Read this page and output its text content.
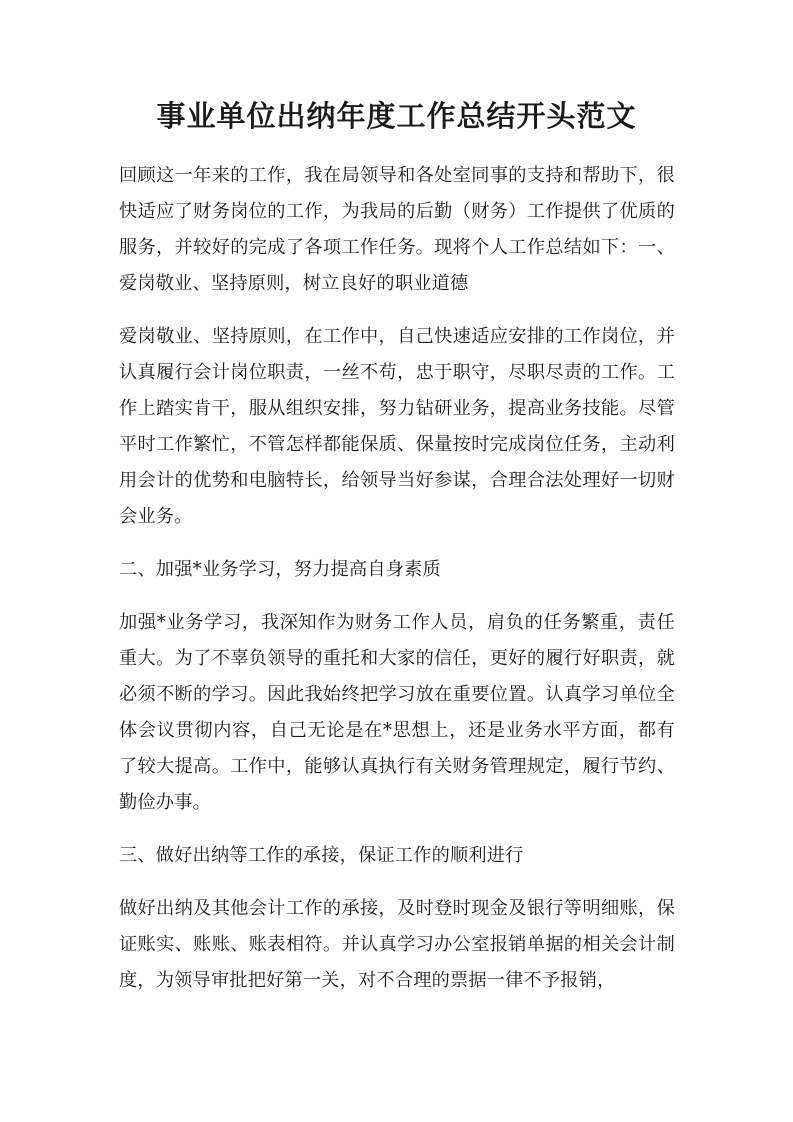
事业单位出纳年度工作总结开头范文

回顾这一年来的工作，我在局领导和各处室同事的支持和帮助下，很快适应了财务岗位的工作，为我局的后勤（财务）工作提供了优质的服务，并较好的完成了各项工作任务。现将个人工作总结如下：一、爱岗敬业、坚持原则，树立良好的职业道德

爱岗敬业、坚持原则，在工作中，自己快速适应安排的工作岗位，并认真履行会计岗位职责，一丝不苟，忠于职守，尽职尽责的工作。工作上踏实肯干，服从组织安排，努力钻研业务，提高业务技能。尽管平时工作繁忙，不管怎样都能保质、保量按时完成岗位任务，主动利用会计的优势和电脑特长，给领导当好参谋，合理合法处理好一切财会业务。

二、加强*业务学习，努力提高自身素质

加强*业务学习，我深知作为财务工作人员，肩负的任务繁重，责任重大。为了不辜负领导的重托和大家的信任，更好的履行好职责，就必须不断的学习。因此我始终把学习放在重要位置。认真学习单位全体会议贯彻内容，自己无论是在*思想上，还是业务水平方面，都有了较大提高。工作中，能够认真执行有关财务管理规定，履行节约、勤俭办事。

三、做好出纳等工作的承接，保证工作的顺利进行

做好出纳及其他会计工作的承接，及时登时现金及银行等明细账，保证账实、账账、账表相符。并认真学习办公室报销单据的相关会计制度，为领导审批把好第一关，对不合理的票据一律不予报销，
